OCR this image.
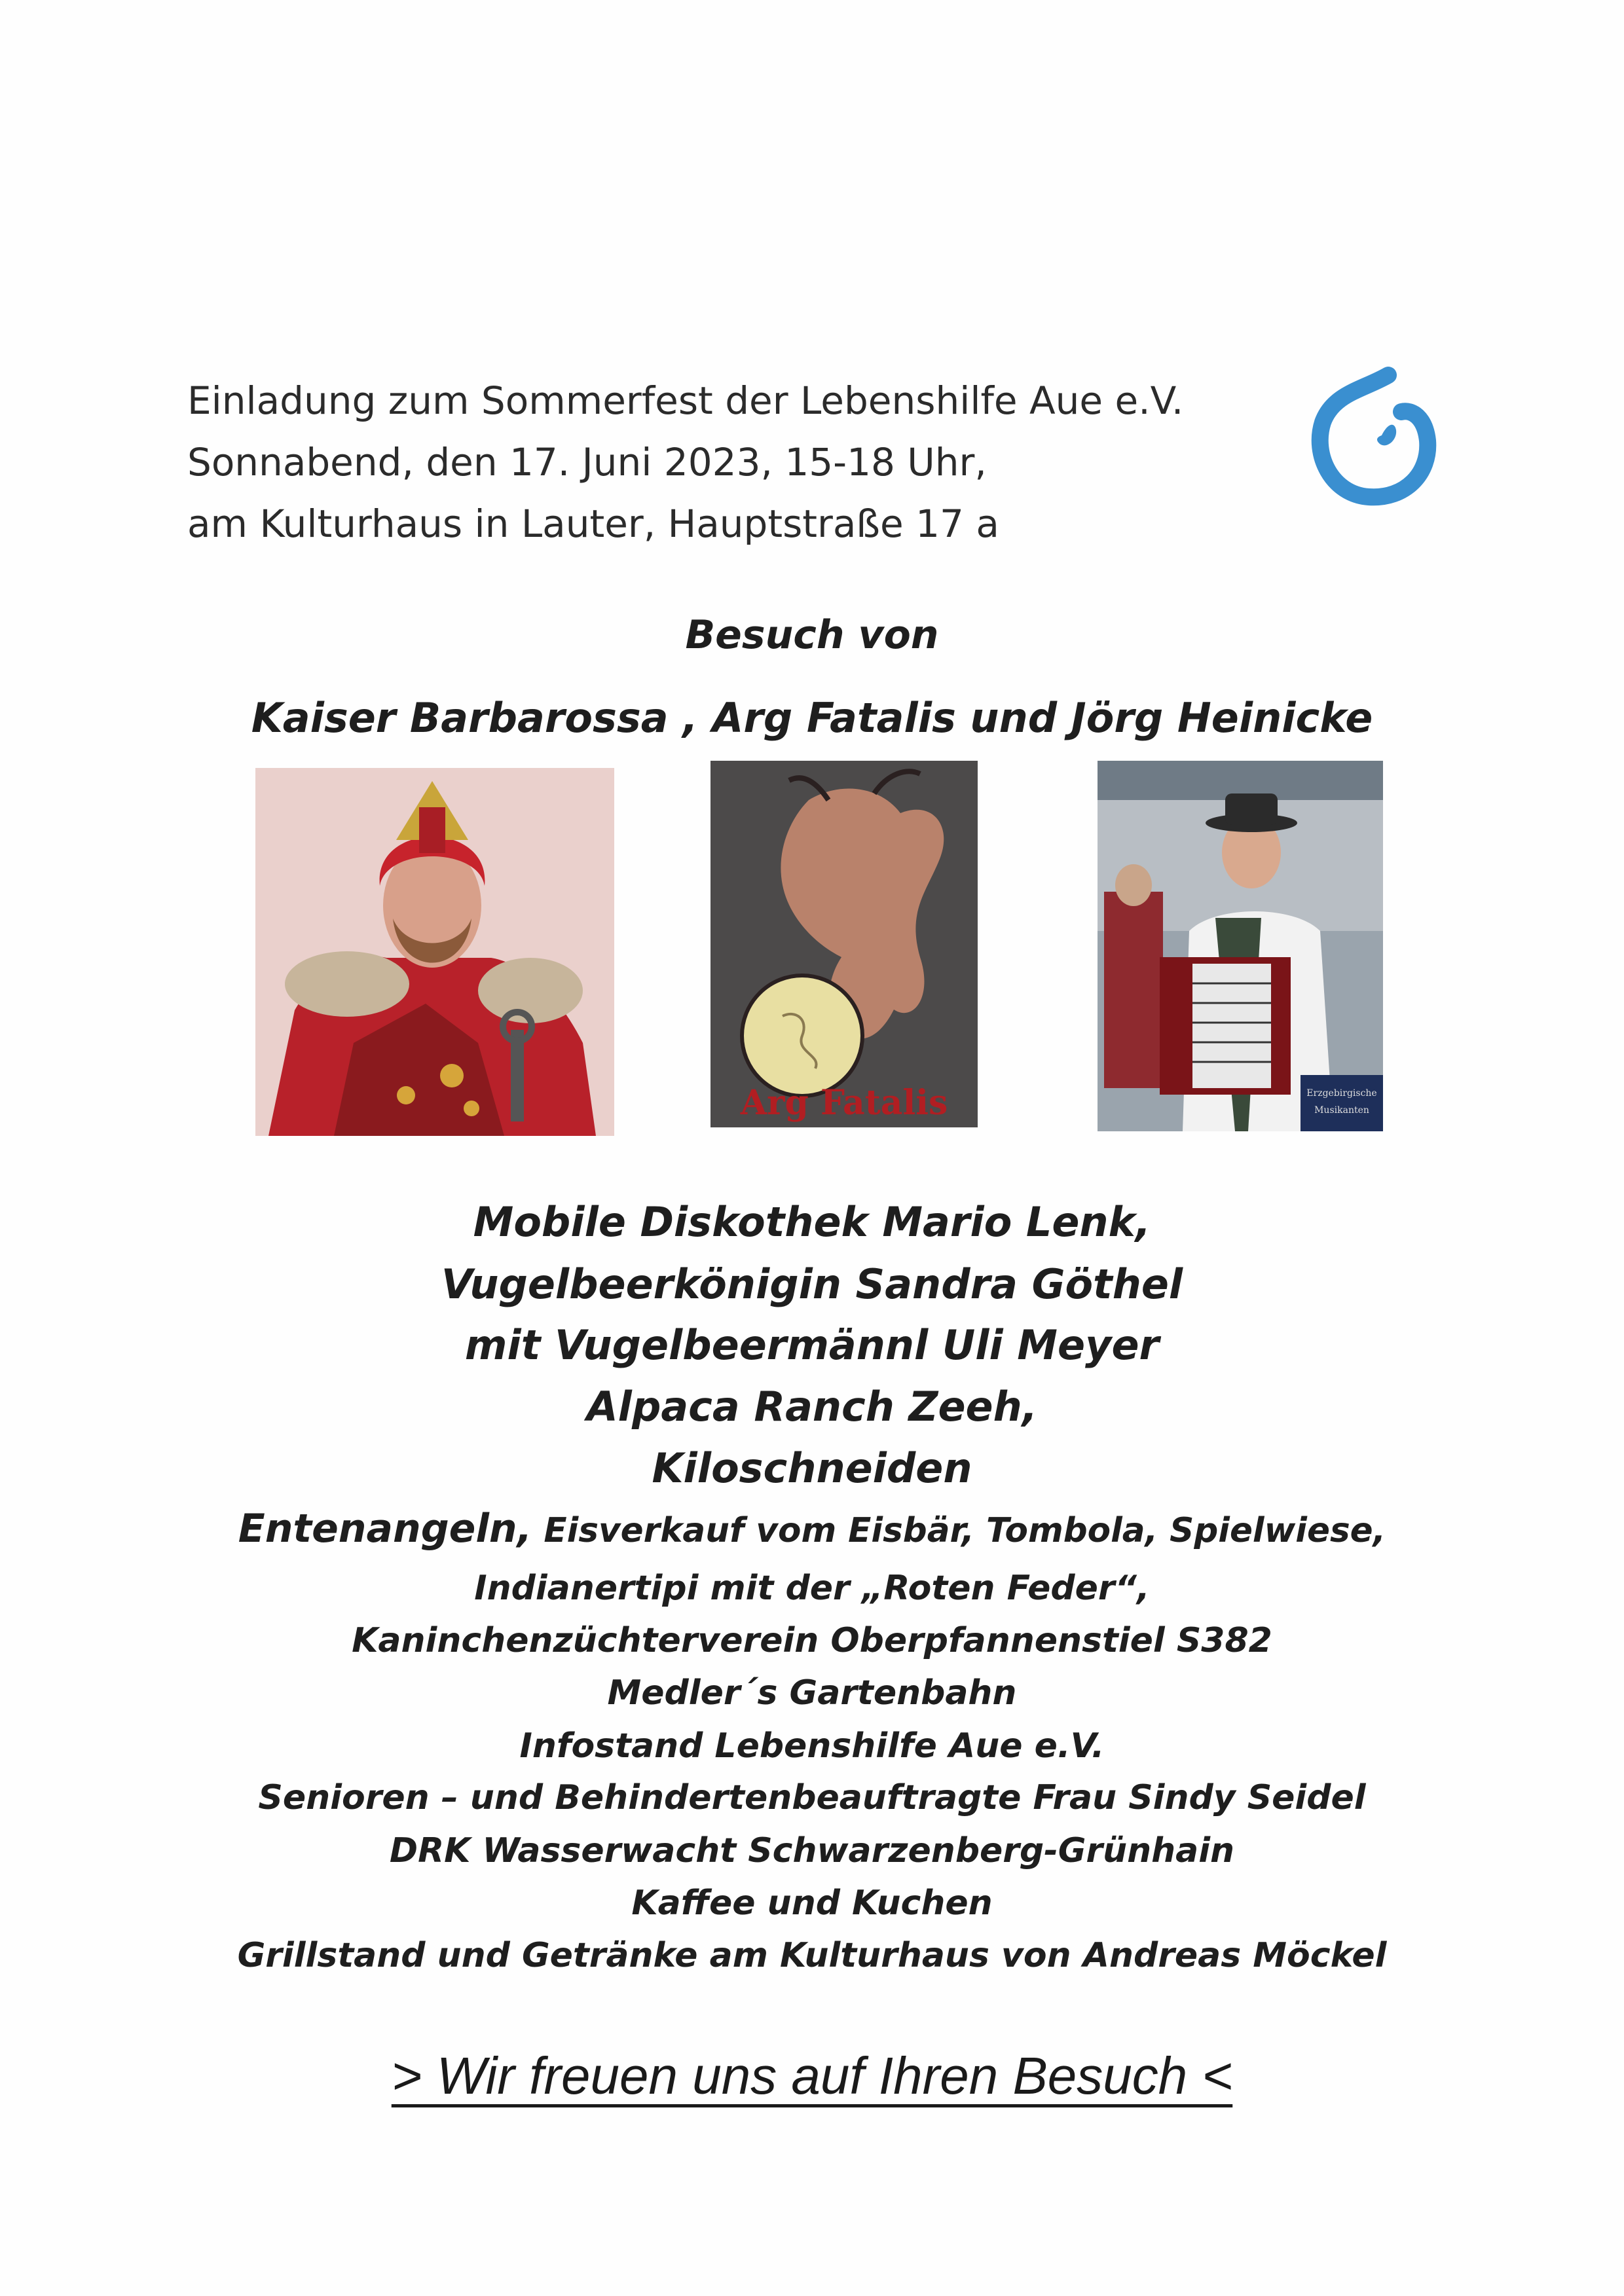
Einladung zum Sommerfest der Lebenshilfe Aue e.V.
Sonnabend, den 17. Juni 2023, 15-18 Uhr,
am Kulturhaus in Lauter, Hauptstraße 17 a
Besuch von
Kaiser Barbarossa , Arg Fatalis und Jörg Heinicke
Arg Fatalis	Erzgebirgische
Musikanten
Mobile Diskothek Mario Lenk,
Vugelbeerkönigin Sandra Göthel
mit Vugelbeermännl Uli Meyer
Alpaca Ranch Zeeh,
Kiloschneiden
Entenangeln, Eisverkauf vom Eisbär, Tombola, Spielwiese,
Indianertipi mit der „Roten Feder“,
Kaninchenzüchterverein Oberpfannenstiel S382
Medler´s Gartenbahn
Infostand Lebenshilfe Aue e.V.
Senioren – und Behindertenbeauftragte Frau Sindy Seidel
DRK Wasserwacht Schwarzenberg-Grünhain
Kaffee und Kuchen
Grillstand und Getränke am Kulturhaus von Andreas Möckel
> Wir freuen uns auf Ihren Besuch <
